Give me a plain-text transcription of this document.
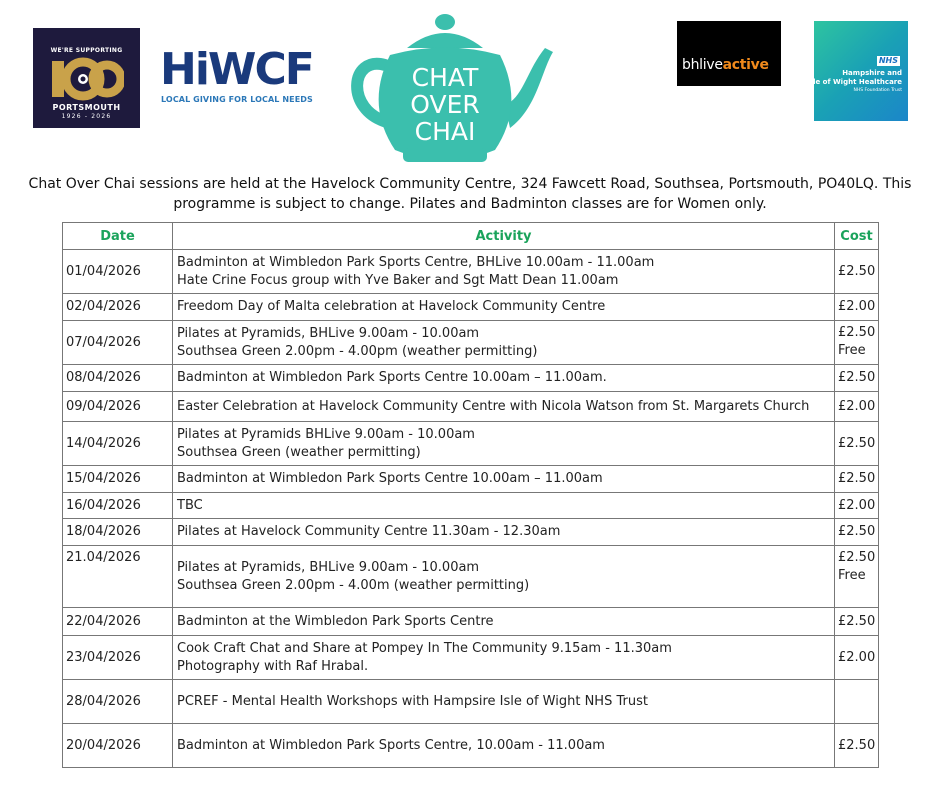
WE'RE SUPPORTING
PORTSMOUTH
1926 - 2026
HiWCF
LOCAL GIVING FOR LOCAL NEEDS
CHAT
OVER
CHAI
bhliveactive	NHS
Hampshire and
Isle of Wight Healthcare
NHS Foundation Trust
Chat Over Chai sessions are held at the Havelock Community Centre, 324 Fawcett Road, Southsea, Portsmouth, PO40LQ. This
programme is subject to change. Pilates and Badminton classes are for Women only.
Date	Activity	Cost
01/04/2026	Badminton at Wimbledon Park Sports Centre, BHLive 10.00am - 11.00am
Hate Crine Focus group with Yve Baker and Sgt Matt Dean 11.00am	£2.50

02/04/2026	Freedom Day of Malta celebration at Havelock Community Centre	£2.00

07/04/2026	Pilates at Pyramids, BHLive 9.00am - 10.00am
Southsea Green 2.00pm - 4.00pm (weather permitting)	£2.50
Free

08/04/2026	Badminton at Wimbledon Park Sports Centre 10.00am – 11.00am.	£2.50

09/04/2026	Easter Celebration at Havelock Community Centre with Nicola Watson from St. Margarets Church	£2.00

14/04/2026	Pilates at Pyramids BHLive 9.00am - 10.00am
Southsea Green (weather permitting)	£2.50

15/04/2026	Badminton at Wimbledon Park Sports Centre 10.00am – 11.00am	£2.50

16/04/2026	TBC	£2.00

18/04/2026	Pilates at Havelock Community Centre 11.30am - 12.30am	£2.50

21.04/2026	Pilates at Pyramids, BHLive 9.00am - 10.00am
Southsea Green 2.00pm - 4.00m (weather permitting)	£2.50
Free

22/04/2026	Badminton at the Wimbledon Park Sports Centre	£2.50

23/04/2026	Cook Craft Chat and Share at Pompey In The Community 9.15am - 11.30am
Photography with Raf Hrabal.	£2.00

28/04/2026	PCREF - Mental Health Workshops with Hampsire Isle of Wight NHS Trust	

20/04/2026	Badminton at Wimbledon Park Sports Centre, 10.00am - 11.00am	£2.50
